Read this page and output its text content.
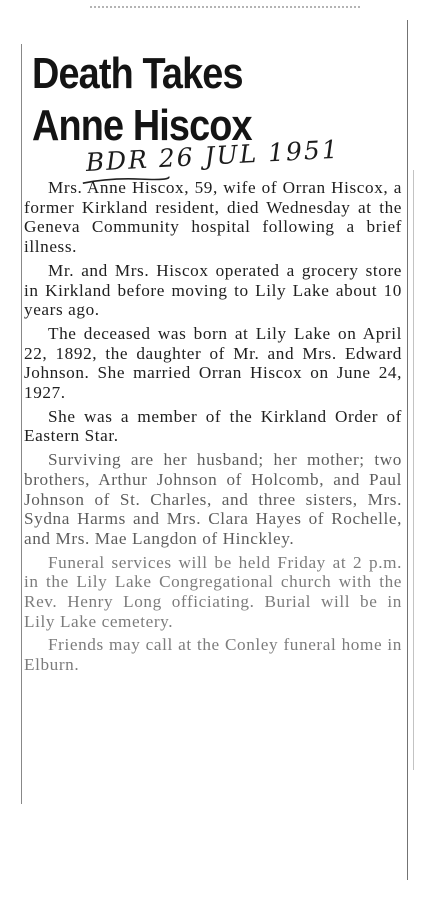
Death Takes
Anne Hiscox
BDR 26 JUL 1951

Mrs. Anne Hiscox, 59, wife of Orran Hiscox, a former Kirkland resident, died Wednesday at the Geneva Community hospital following a brief illness.

Mr. and Mrs. Hiscox operated a grocery store in Kirkland before moving to Lily Lake about 10 years ago.

The deceased was born at Lily Lake on April 22, 1892, the daughter of Mr. and Mrs. Edward Johnson. She married Orran Hiscox on June 24, 1927.

She was a member of the Kirkland Order of Eastern Star.

Surviving are her husband; her mother; two brothers, Arthur Johnson of Holcomb, and Paul Johnson of St. Charles, and three sisters, Mrs. Sydna Harms and Mrs. Clara Hayes of Rochelle, and Mrs. Mae Langdon of Hinckley.

Funeral services will be held Friday at 2 p.m. in the Lily Lake Congregational church with the Rev. Henry Long officiating. Burial will be in Lily Lake cemetery.

Friends may call at the Conley funeral home in Elburn.
